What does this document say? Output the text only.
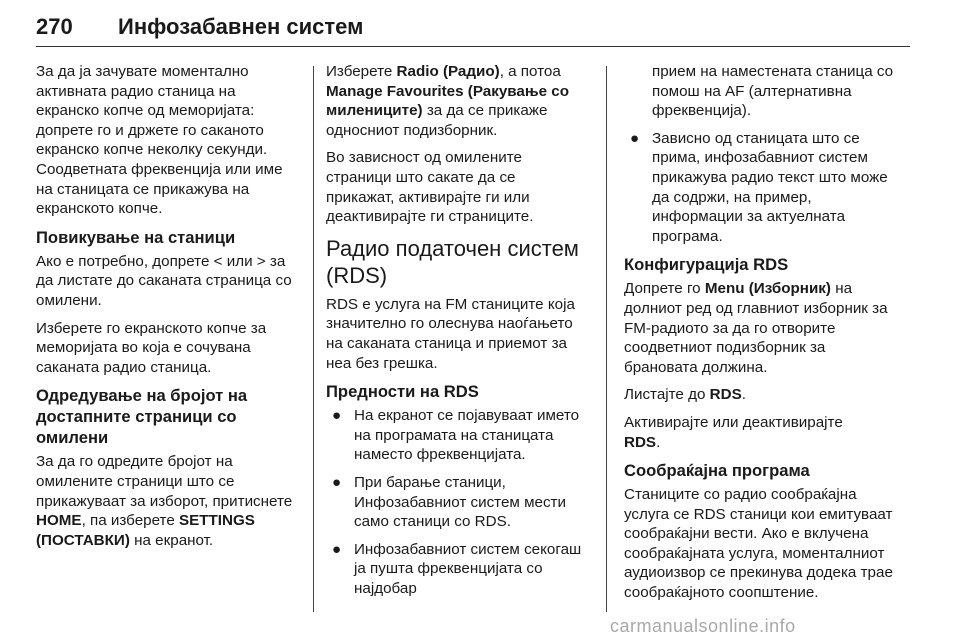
270 Инфозабавнен систем

За да ја зачувате моментално активната радио станица на екранско копче од меморијата: допрете го и држете го саканото екранско копче неколку секунди. Соодветната фреквенција или име на станицата се прикажува на екранското копче.

Повикување на станици

Ако е потребно, допрете < или > за да листате до саканата страница со омилени.

Изберете го екранското копче за меморијата во која е сочувана саканата радио станица.

Одредување на бројот на достапните страници со омилени

За да го одредите бројот на омилените страници што се прикажуваат за изборот, притиснете HOME, па изберете SETTINGS (ПОСТАВКИ) на екранот.

Изберете Radio (Радио), а потоа Manage Favourites (Ракување со милениците) за да се прикаже односниот подизборник.

Во зависност од омилените страници што сакате да се прикажат, активирајте ги или деактивирајте ги страниците.

Радио податочен систем (RDS)

RDS е услуга на FM станиците која значително го олеснува наоѓањето на саканата станица и приемот за неа без грешка.

Предности на RDS
● На екранот се појавуваат името на програмата на станицата наместо фреквенцијата.
● При барање станици, Инфозабавниот систем мести само станици со RDS.
● Инфозабавниот систем секогаш ја пушта фреквенцијата со најдобар

прием на наместената станица со помош на AF (алтернативна фреквенција).

● Зависно од станицата што се прима, инфозабавниот систем прикажува радио текст што може да содржи, на пример, информации за актуелната програма.
Конфигурација RDS

Допрете го Menu (Изборник) на долниот ред од главниот изборник за FM-радиото за да го отворите соодветниот подизборник за брановата должина.

Листајте до RDS.

Активирајте или деактивирајте
RDS.

Сообраќајна програма

Станиците со радио сообраќајна услуга се RDS станици кои емитуваат сообраќајни вести. Ако е вклучена сообраќајната услуга, моменталниот аудиоизвор се прекинува додека трае сообраќајното соопштение.

carmanualsonline.info
